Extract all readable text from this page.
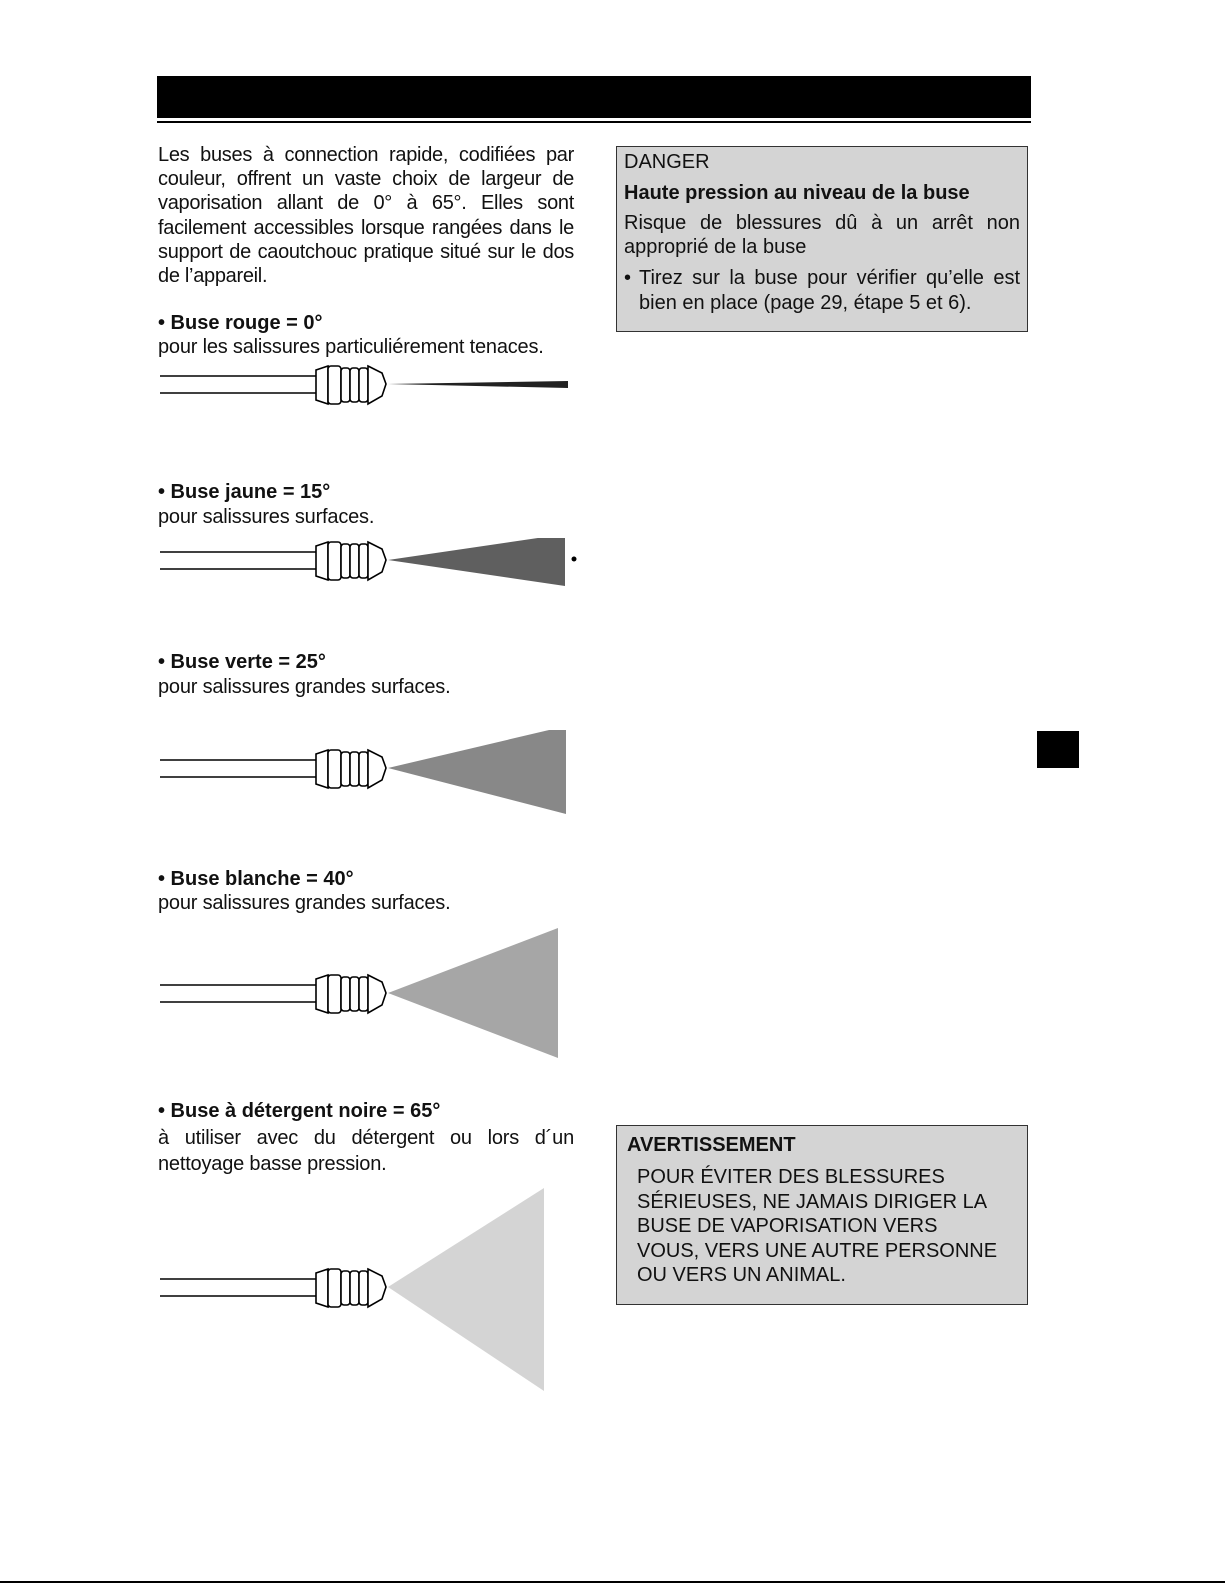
Les buses à connection rapide, codifiées par couleur, offrent un vaste choix de largeur de vaporisation allant de 0° à 65°. Elles sont facilement accessibles lorsque rangées dans le support de caoutchouc pratique situé sur le dos de l’appareil.
• Buse rouge = 0°
pour les salissures particuliérement tenaces.
• Buse jaune = 15°
pour salissures surfaces.
• Buse verte = 25°
pour salissures grandes surfaces.
• Buse blanche = 40°
pour salissures grandes surfaces.
• Buse à détergent noire = 65°
à utiliser avec du détergent ou lors d´un nettoyage basse pression.
DANGER
Haute pression au niveau de la buse
Risque de blessures dû à un arrêt non approprié de la buse
• Tirez sur la buse pour vérifier qu’elle est bien en place (page 29, étape 5 et 6).
AVERTISSEMENT
POUR ÉVITER DES BLESSURES
SÉRIEUSES, NE JAMAIS DIRIGER LA
BUSE DE VAPORISATION VERS
VOUS, VERS UNE AUTRE PERSONNE
OU VERS UN ANIMAL.
